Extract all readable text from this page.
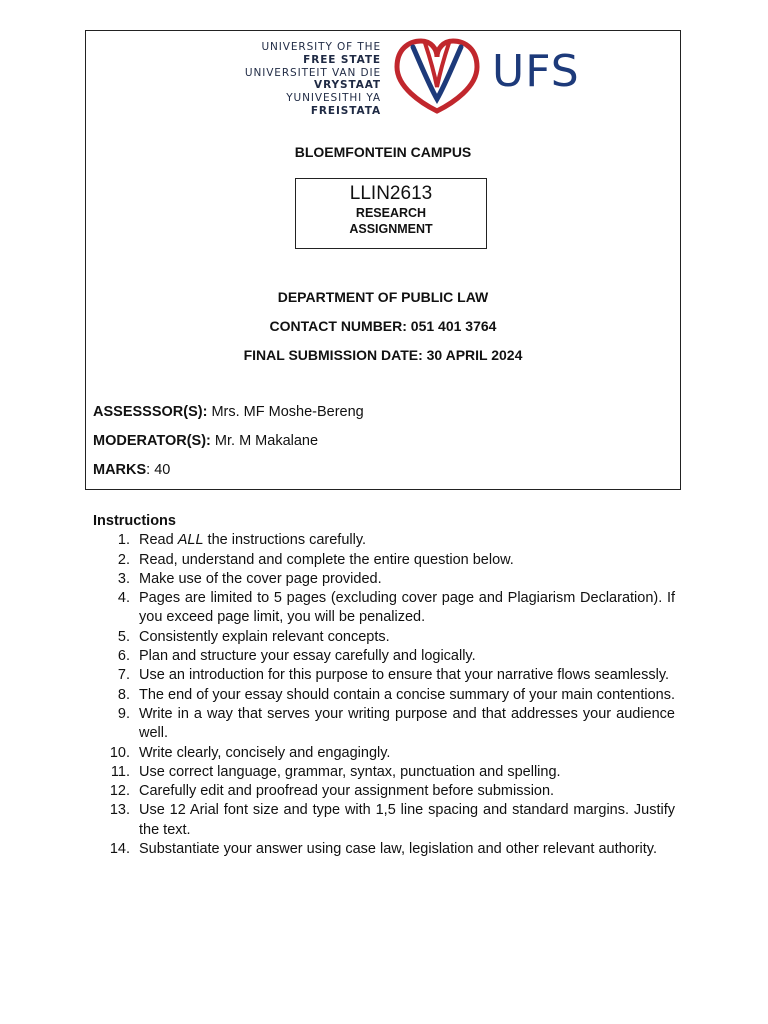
UNIVERSITY OF THE
FREE STATE
UNIVERSITEIT VAN DIE
VRYSTAAT
YUNIVESITHI YA
FREISTATA
UFS
BLOEMFONTEIN CAMPUS
LLIN2613
RESEARCH
ASSIGNMENT
DEPARTMENT OF PUBLIC LAW
CONTACT NUMBER: 051 401 3764
FINAL SUBMISSION DATE: 30 APRIL 2024
ASSESSSOR(S): Mrs. MF Moshe-Bereng
MODERATOR(S): Mr. M Makalane
MARKS: 40
Instructions
1. Read ALL the instructions carefully.
2. Read, understand and complete the entire question below.
3. Make use of the cover page provided.
4. Pages are limited to 5 pages (excluding cover page and Plagiarism Declaration). If you exceed page limit, you will be penalized.
5. Consistently explain relevant concepts.
6. Plan and structure your essay carefully and logically.
7. Use an introduction for this purpose to ensure that your narrative flows seamlessly.
8. The end of your essay should contain a concise summary of your main contentions.
9. Write in a way that serves your writing purpose and that addresses your audience well.
10. Write clearly, concisely and engagingly.
11. Use correct language, grammar, syntax, punctuation and spelling.
12. Carefully edit and proofread your assignment before submission.
13. Use 12 Arial font size and type with 1,5 line spacing and standard margins. Justify the text.
14. Substantiate your answer using case law, legislation and other relevant authority.
